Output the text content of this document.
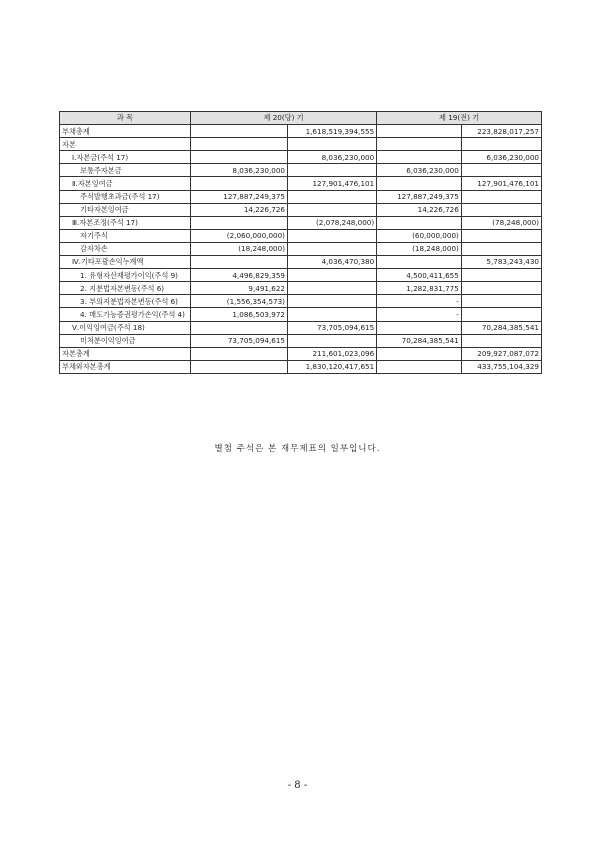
과 목	제 20(당) 기		제 19(전) 기	
부채총계		1,618,519,394,555		223,828,017,257
자본				
Ⅰ.자본금(주석 17)		8,036,230,000		6,036,230,000
보통주자본금	8,036,230,000		6,036,230,000	
Ⅱ.자본잉여금		127,901,476,101		127,901,476,101
주식발행초과금(주석 17)	127,887,249,375		127,887,249,375	
기타자본잉여금	14,226,726		14,226,726	
Ⅲ.자본조정(주석 17)		(2,078,248,000)		(78,248,000)
자기주식	(2,060,000,000)		(60,000,000)	
감자차손	(18,248,000)		(18,248,000)	
Ⅳ.기타포괄손익누계액		4,036,470,380		5,783,243,430
1. 유형자산재평가이익(주석 9)	4,496,829,359		4,500,411,655	
2. 지분법자본변동(주석 6)	9,491,622		1,282,831,775	
3. 부의지분법자본변동(주석 6)	(1,556,354,573)		-	
4. 매도가능증권평가손익(주석 4)	1,086,503,972		-	
Ⅴ.이익잉여금(주석 18)		73,705,094,615		70,284,385,541
미처분이익잉여금	73,705,094,615		70,284,385,541	
자본총계		211,601,023,096		209,927,087,072
부채와자본총계		1,830,120,417,651		433,755,104,329
별첨 주석은 본 재무제표의 일부입니다.
- 8 -
